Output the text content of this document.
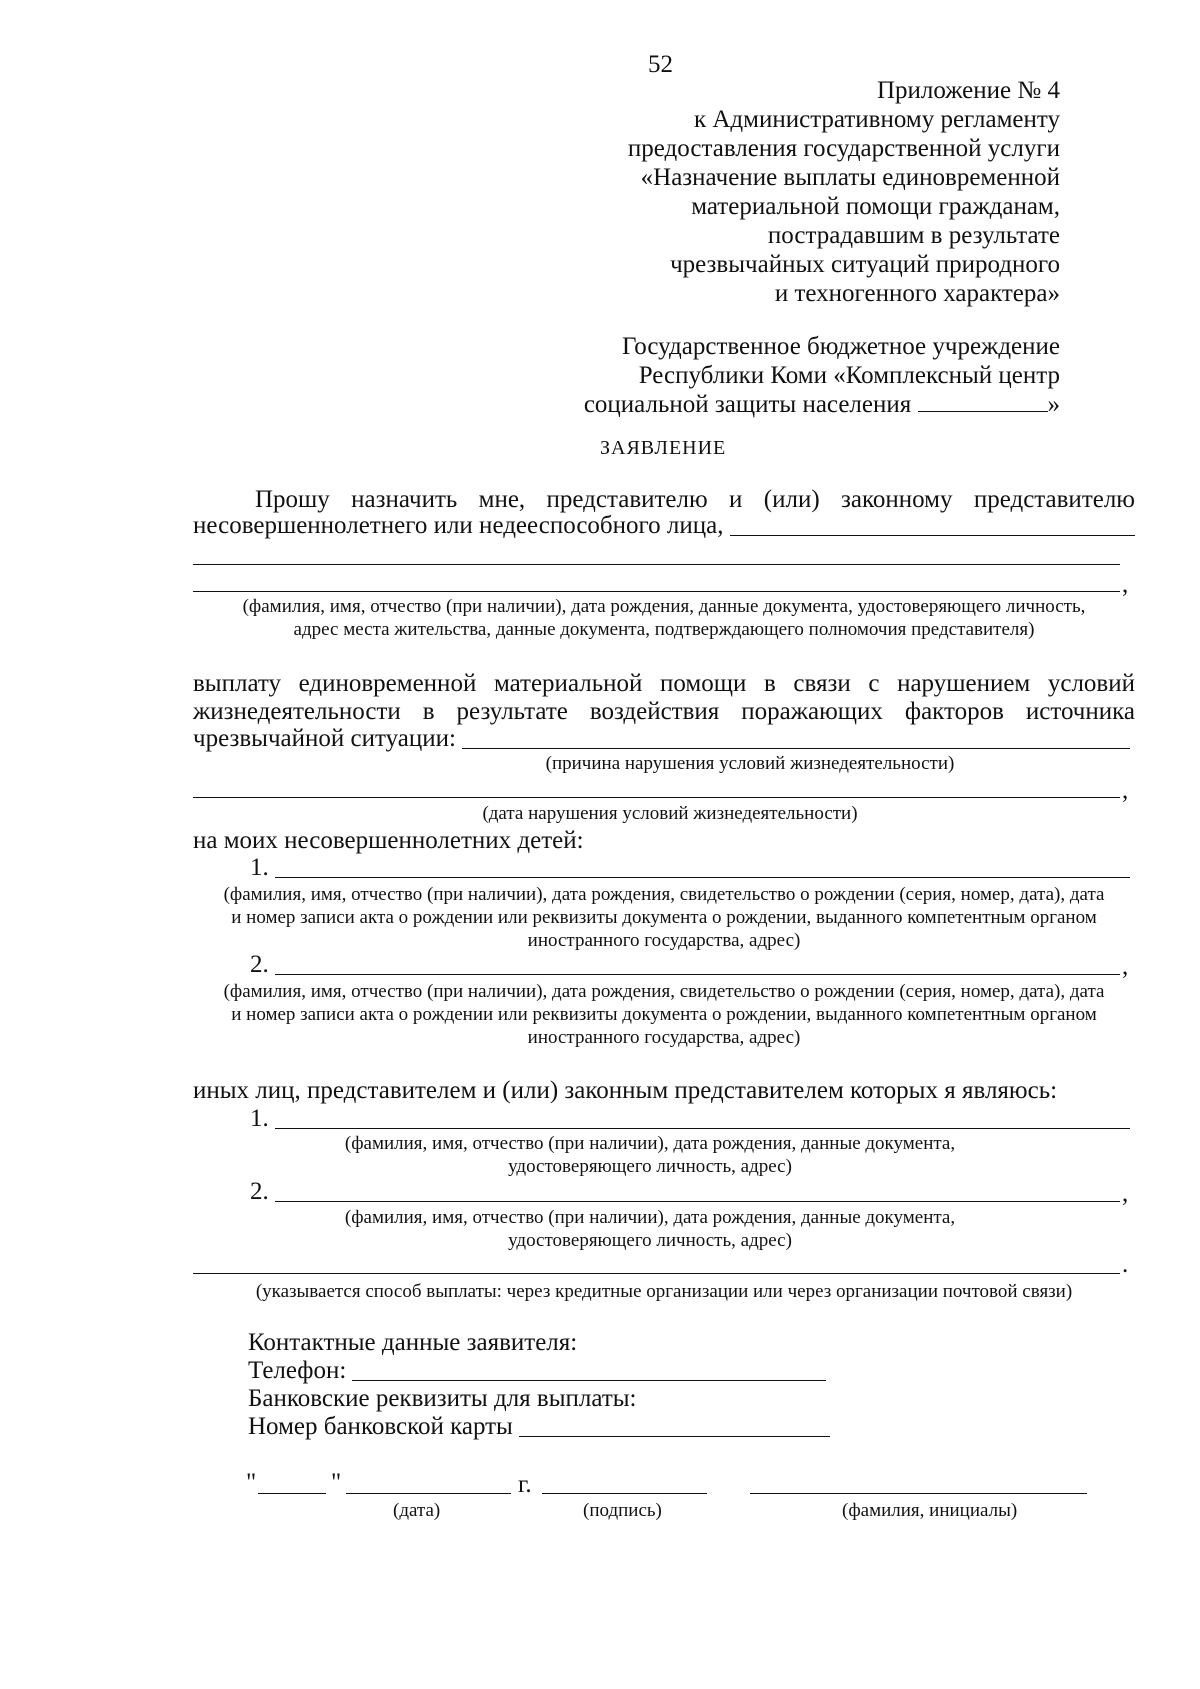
52
Приложение № 4
к Административному регламенту
предоставления государственной услуги
«Назначение выплаты единовременной
материальной помощи гражданам,
пострадавшим в результате
чрезвычайных ситуаций природного
и техногенного характера»
Государственное бюджетное учреждение
Республики Коми «Комплексный центр
социальной защиты населения	»
ЗАЯВЛЕНИЕ
Прошу назначить мне, представителю и (или) законному представителю
несовершеннолетнего или недееспособного лица,
,
(фамилия, имя, отчество (при наличии), дата рождения, данные документа, удостоверяющего личность,
адрес места жительства, данные документа, подтверждающего полномочия представителя)
выплату единовременной материальной помощи в связи с нарушением условий
жизнедеятельности в результате воздействия поражающих факторов источника
чрезвычайной ситуации:
(причина нарушения условий жизнедеятельности)
,
(дата нарушения условий жизнедеятельности)
на моих несовершеннолетних детей:
1.
(фамилия, имя, отчество (при наличии), дата рождения, свидетельство о рождении (серия, номер, дата), дата
и номер записи акта о рождении или реквизиты документа о рождении, выданного компетентным органом
иностранного государства, адрес)
2.	,
(фамилия, имя, отчество (при наличии), дата рождения, свидетельство о рождении (серия, номер, дата), дата
и номер записи акта о рождении или реквизиты документа о рождении, выданного компетентным органом
иностранного государства, адрес)
иных лиц, представителем и (или) законным представителем которых я являюсь:
1.
(фамилия, имя, отчество (при наличии), дата рождения, данные документа,
удостоверяющего личность, адрес)
2.	,
(фамилия, имя, отчество (при наличии), дата рождения, данные документа,
удостоверяющего личность, адрес)
.
(указывается способ выплаты: через кредитные организации или через организации почтовой связи)
Контактные данные заявителя:
Телефон:
Банковские реквизиты для выплаты:
Номер банковской карты
"	"	г.
(дата)	(подпись)	(фамилия, инициалы)
